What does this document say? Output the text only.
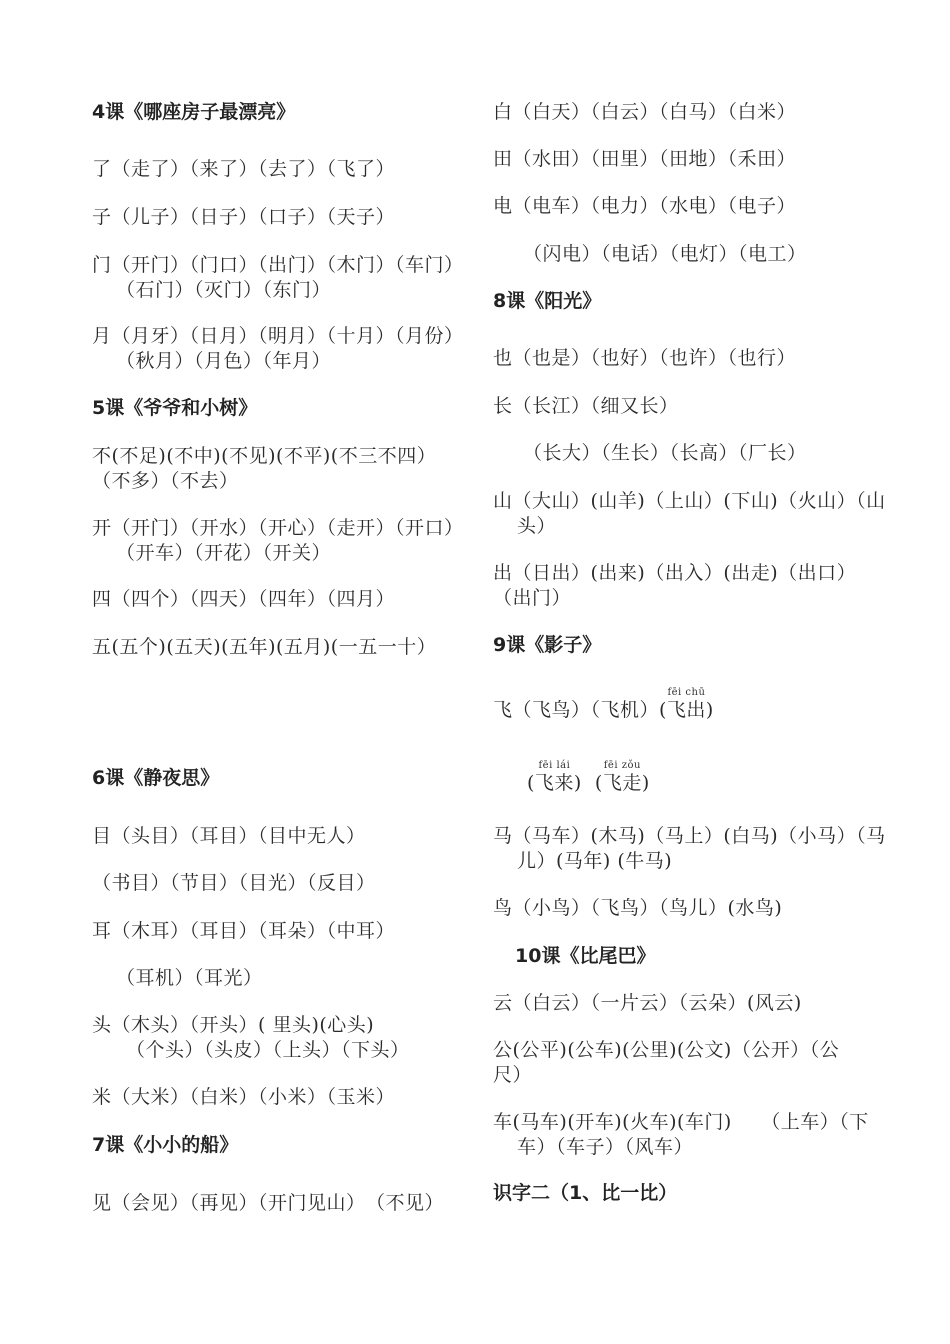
4课《哪座房子最漂亮》
了（走了）（来了）（去了）（飞了）
子（儿子）（日子）（口子）（天子）
门（开门）（门口）（出门）（木门）（车门）（石门）（灭门）（东门）
月（月牙）（日月）（明月）（十月）（月份）（秋月）（月色）（年月）
5课《爷爷和小树》
不(不足)(不中)(不见)(不平)(不三不四）（不多）（不去）
开（开门）（开水）（开心）（走开）（开口）（开车）（开花）（开关）
四（四个）（四天）（四年）（四月）
五(五个)(五天)(五年)(五月)(一五一十）
6课《静夜思》
目（头目）（耳目）（目中无人）
（书目）（节目）（目光）（反目）
耳（木耳）（耳目）（耳朵）（中耳）
（耳机）（耳光）
头（木头）（开头）( 里头)(心头)
（个头）（头皮）（上头）（下头）
米（大米）（白米）（小米）（玉米）
7课《小小的船》
见（会见）（再见）（开门见山）　（不见）
白（白天）（白云）（白马）（白米）
田（水田）（田里）（田地）（禾田）
电（电车）（电力）（水电）（电子）
（闪电）（电话）（电灯）（电工）
8课《阳光》
也（也是）（也好）（也许）（也行）
长（长江）（细又长）
（长大）（生长）（长高）（厂长）
山（大山）(山羊)（上山）(下山)（火山）（山头）
出（日出）(出来)（出入）(出走)（出口）（出门）
9课《影子》
飞（飞鸟）（飞机）
fēi chū
(飞出)
fēi lái
(飞来)

fēi zǒu
(飞走)
马（马车）(木马)（马上）(白马)（小马）（马儿）(马年) (牛马)
鸟（小鸟）（飞鸟）（鸟儿）(水鸟)
10课《比尾巴》
云（白云）（一片云）（云朵）(风云)
公(公平)(公车)(公里)(公文)（公开）（公尺）
车(马车)(开车)(火车)(车门)　　（上车）（下车）（车子）（风车）
识字二（1、比一比）
